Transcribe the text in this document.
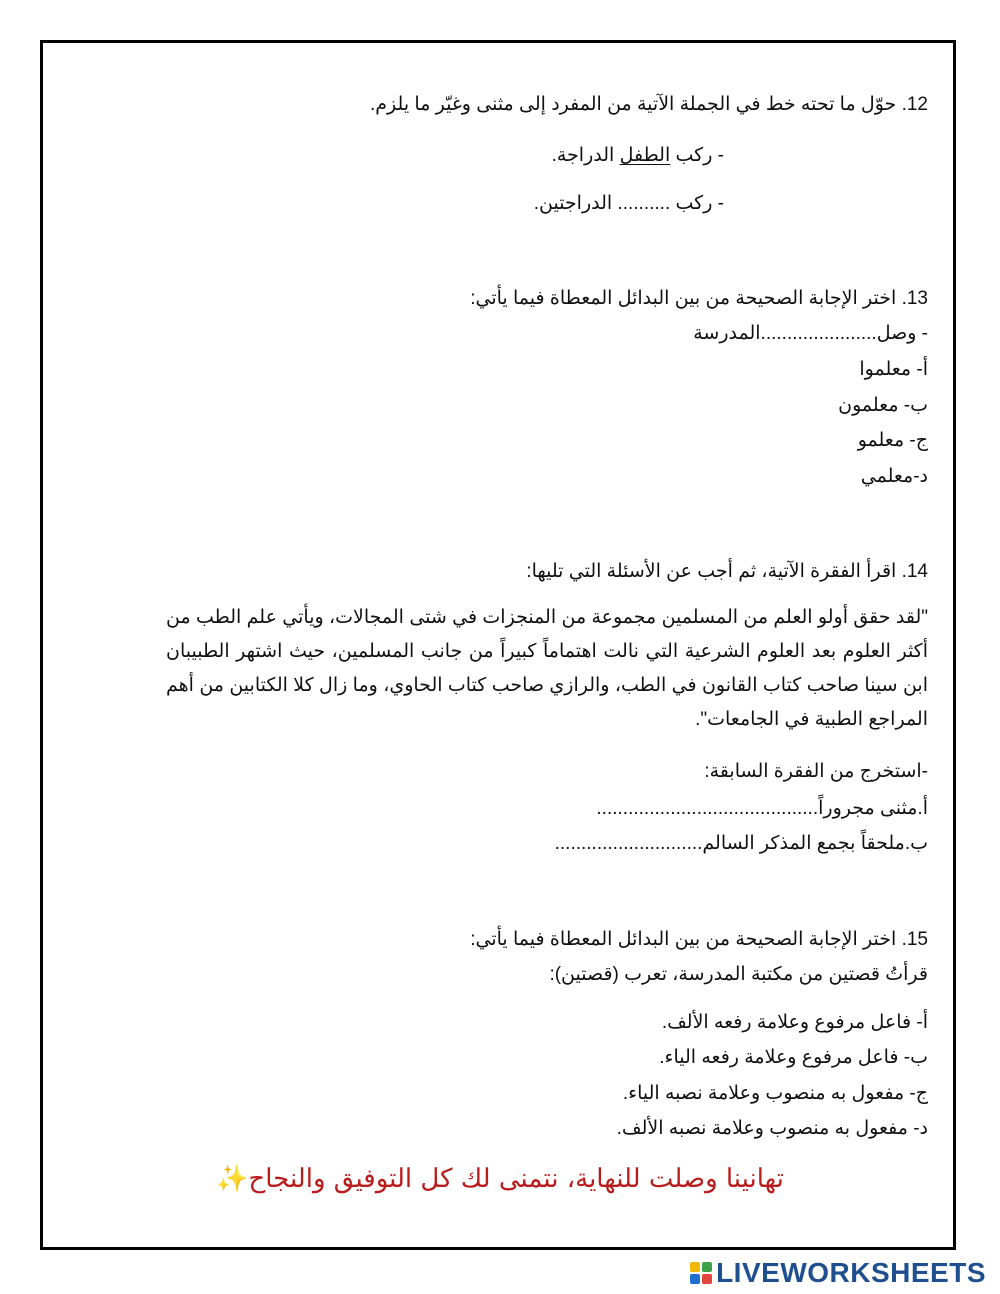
12. حوّل ما تحته خط في الجملة الآتية من المفرد إلى مثنى وغيّر ما يلزم.
- ركب الطفل الدراجة.
- ركب .......... الدراجتين.
13. اختر الإجابة الصحيحة من بين البدائل المعطاة فيما يأتي:
- وصل......................المدرسة
أ- معلموا
ب- معلمون
ج- معلمو
د-معلمي
14. اقرأ الفقرة الآتية، ثم أجب عن الأسئلة التي تليها:
"لقد حقق أولو العلم من المسلمين مجموعة من المنجزات في شتى المجالات، ويأتي علم الطب من أكثر العلوم بعد العلوم الشرعية التي نالت اهتماماً كبيراً من جانب المسلمين، حيث اشتهر الطبيبان ابن سينا صاحب كتاب القانون في الطب، والرازي صاحب كتاب الحاوي، وما زال كلا الكتابين من أهم المراجع الطبية في الجامعات".
-استخرج من الفقرة السابقة:
أ.مثنى مجروراً..........................................
ب.ملحقاً بجمع المذكر السالم............................
15. اختر الإجابة الصحيحة من بين البدائل المعطاة فيما يأتي:
قرأتُ قصتين من مكتبة المدرسة، تعرب (قصتين):
أ- فاعل مرفوع وعلامة رفعه الألف.
ب- فاعل مرفوع وعلامة رفعه الياء.
ج- مفعول به منصوب وعلامة نصبه الياء.
د- مفعول به منصوب وعلامة نصبه الألف.
تهانينا وصلت للنهاية، نتمنى لك كل التوفيق والنجاح✨
LIVEWORKSHEETS
